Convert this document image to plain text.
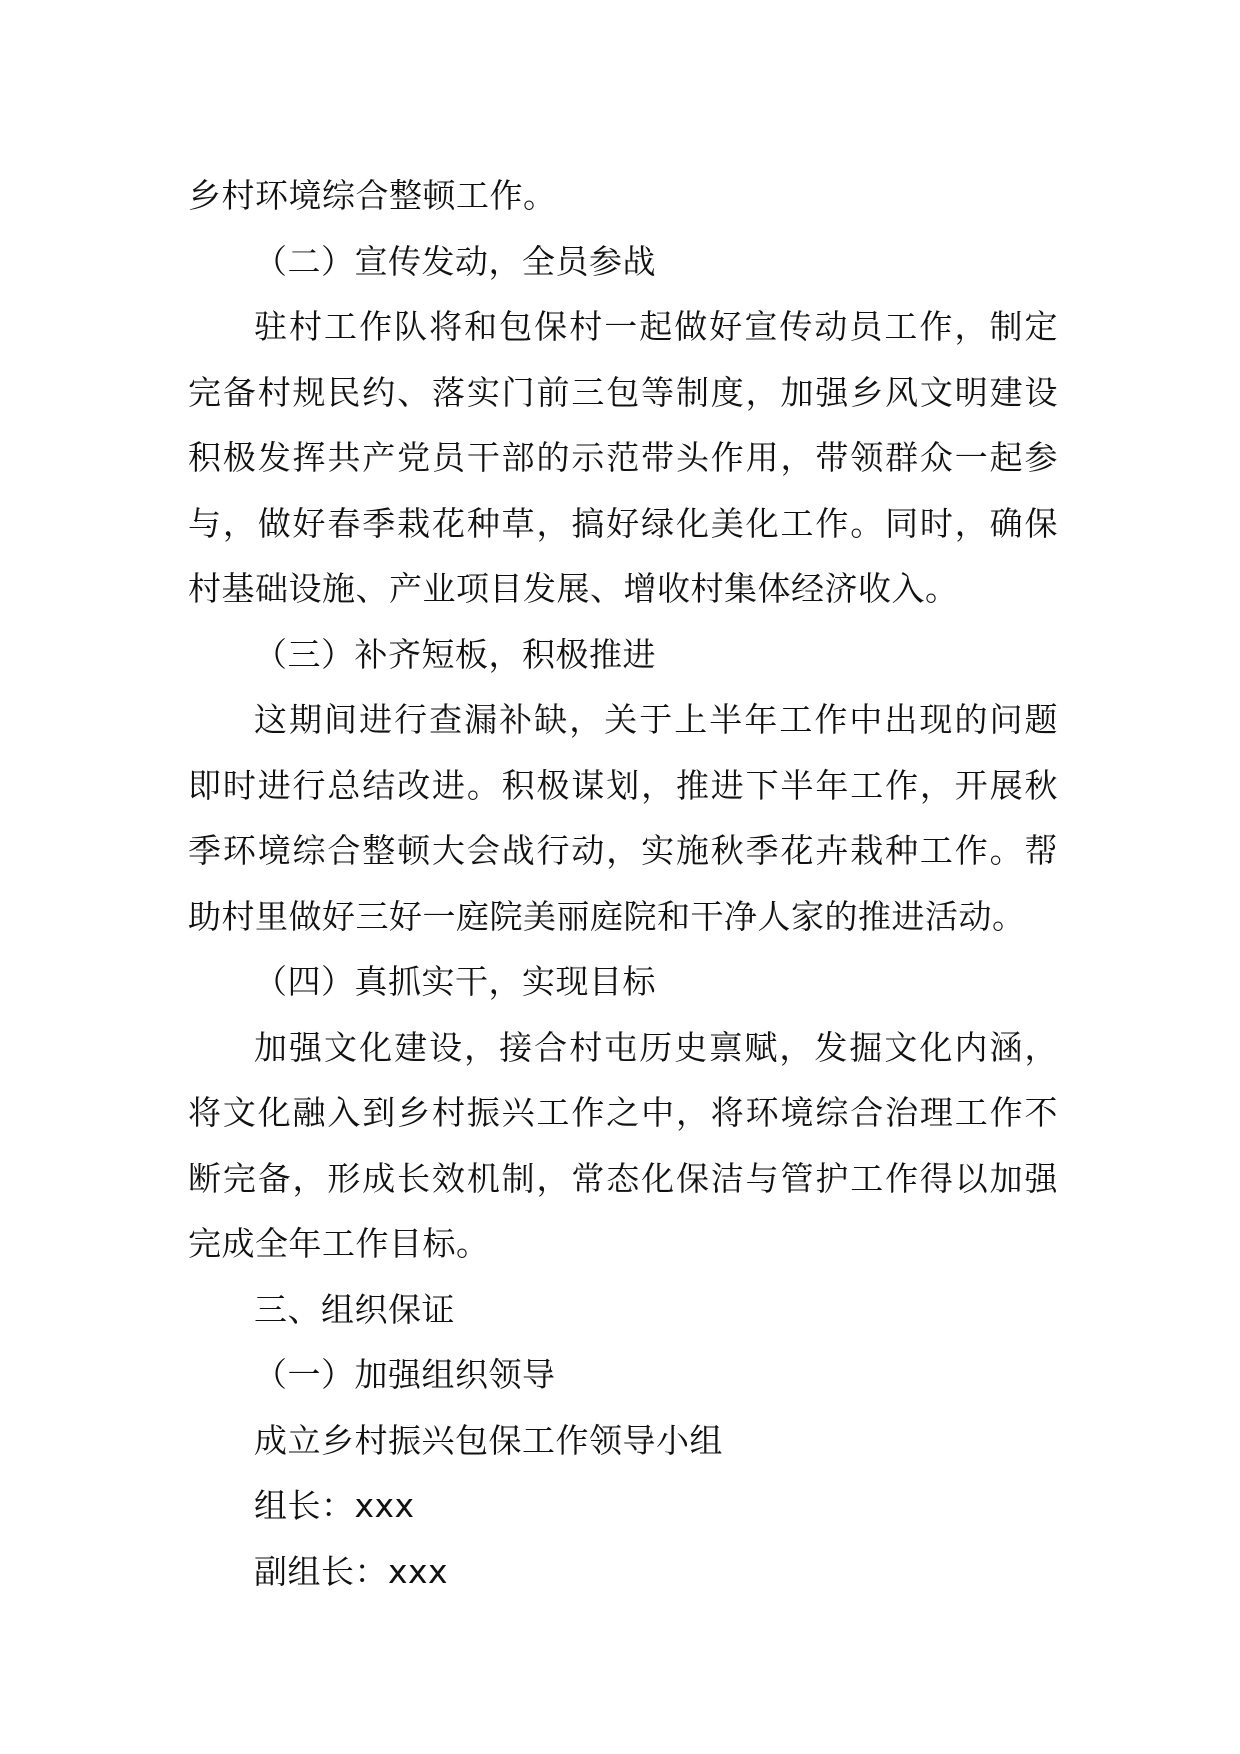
乡村环境综合整顿工作。

（二）宣传发动，全员参战

驻村工作队将和包保村一起做好宣传动员工作，制定
完备村规民约、落实门前三包等制度，加强乡风文明建设
积极发挥共产党员干部的示范带头作用，带领群众一起参
与，做好春季栽花种草，搞好绿化美化工作。同时，确保
村基础设施、产业项目发展、增收村集体经济收入。

（三）补齐短板，积极推进

这期间进行查漏补缺，关于上半年工作中出现的问题
即时进行总结改进。积极谋划，推进下半年工作，开展秋
季环境综合整顿大会战行动，实施秋季花卉栽种工作。帮
助村里做好三好一庭院美丽庭院和干净人家的推进活动。

（四）真抓实干，实现目标

加强文化建设，接合村屯历史禀赋，发掘文化内涵，
将文化融入到乡村振兴工作之中，将环境综合治理工作不
断完备，形成长效机制，常态化保洁与管护工作得以加强
完成全年工作目标。

三、组织保证

（一）加强组织领导

成立乡村振兴包保工作领导小组

组长：xxx

副组长：xxx
